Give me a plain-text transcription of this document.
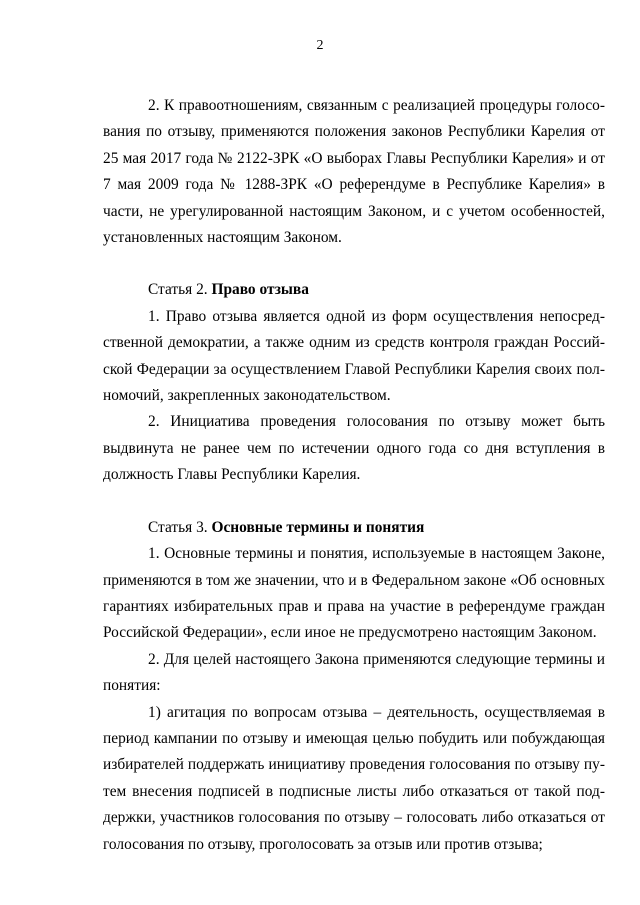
2

2. К правоотношениям, связанным с реализацией процедуры голосования по отзыву, применяются положения законов Республики Карелия от 25 мая 2017 года № 2122-ЗРК «О выборах Главы Республики Карелия» и от 7 мая 2009 года № 1288-ЗРК «О референдуме в Республике Карелия» в части, не урегулированной настоящим Законом, и с учетом особенностей, установленных настоящим Законом.

Статья 2. Право отзыва

1. Право отзыва является одной из форм осуществления непосредственной демократии, а также одним из средств контроля граждан Российской Федерации за осуществлением Главой Республики Карелия своих полномочий, закрепленных законодательством.

2. Инициатива проведения голосования по отзыву может быть выдвинута не ранее чем по истечении одного года со дня вступления в должность Главы Республики Карелия.

Статья 3. Основные термины и понятия

1. Основные термины и понятия, используемые в настоящем Законе, применяются в том же значении, что и в Федеральном законе «Об основных гарантиях избирательных прав и права на участие в референдуме граждан Российской Федерации», если иное не предусмотрено настоящим Законом.

2. Для целей настоящего Закона применяются следующие термины и понятия:

1) агитация по вопросам отзыва – деятельность, осуществляемая в период кампании по отзыву и имеющая целью побудить или побуждающая избирателей поддержать инициативу проведения голосования по отзыву путем внесения подписей в подписные листы либо отказаться от такой поддержки, участников голосования по отзыву – голосовать либо отказаться от голосования по отзыву, проголосовать за отзыв или против отзыва;
